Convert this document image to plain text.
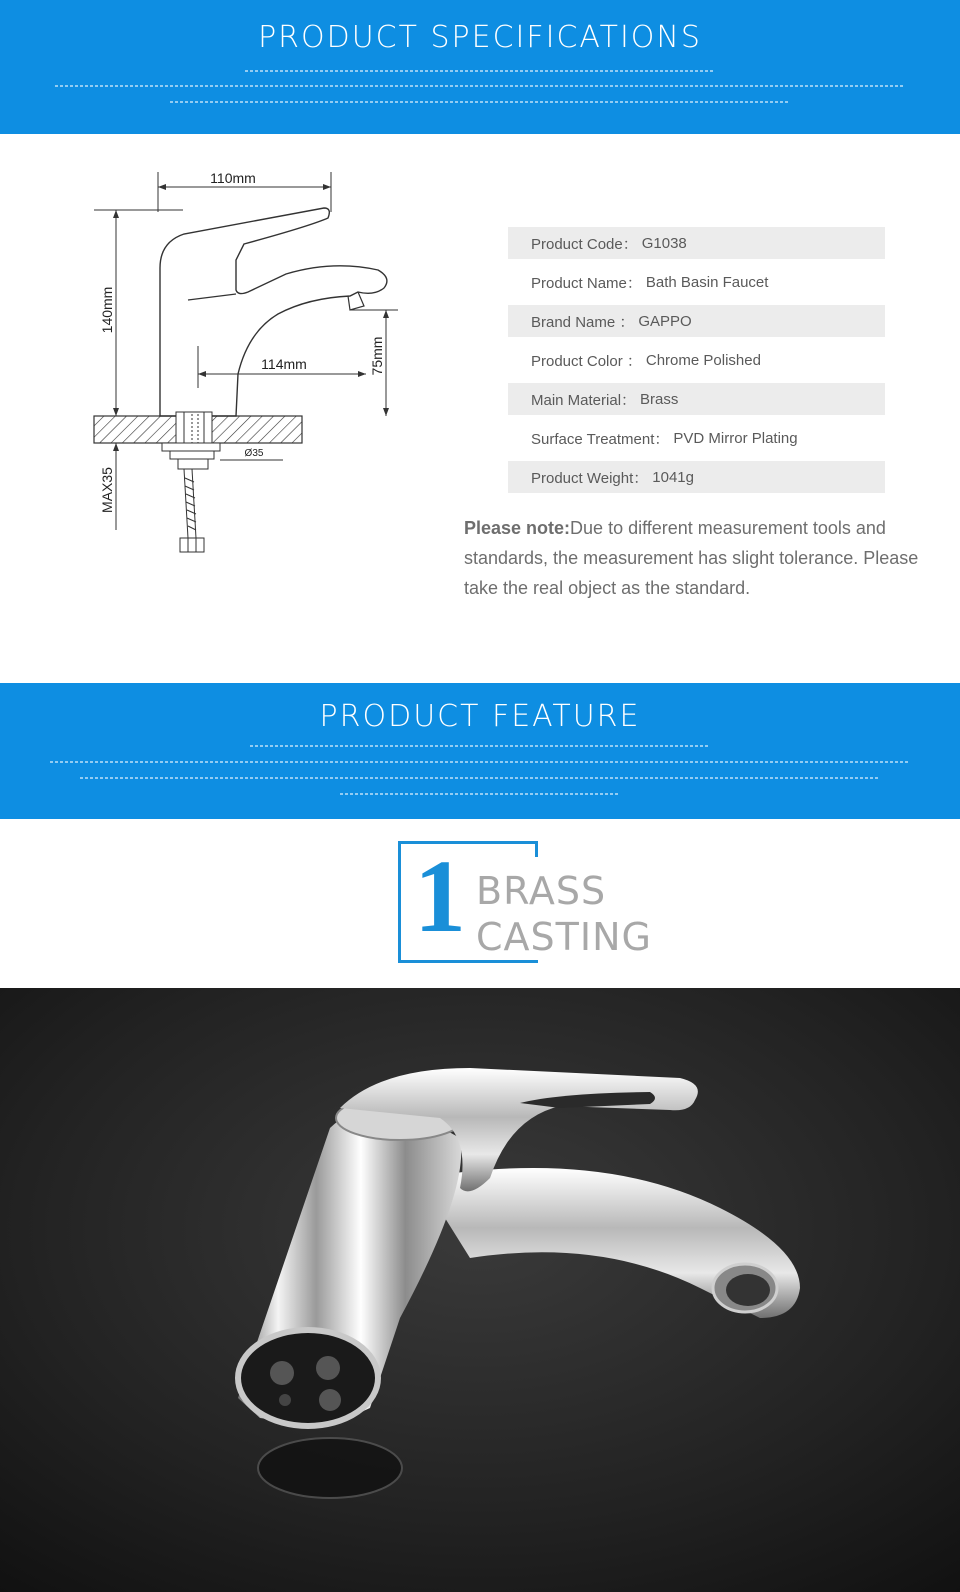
PRODUCT SPECIFICATIONS
110mm
140mm
114mm	75mm
Ø35
MAX35
Product Code： G1038
Product Name： Bath Basin Faucet
Brand Name ： GAPPO
Product Color ： Chrome Polished
Main Material： Brass
Surface Treatment： PVD Mirror Plating
Product Weight： 1041g
Please note:Due to different measurement tools and standards, the measurement has slight tolerance. Please take the real object as the standard.
PRODUCT FEATURE
1 BRASS
CASTING
